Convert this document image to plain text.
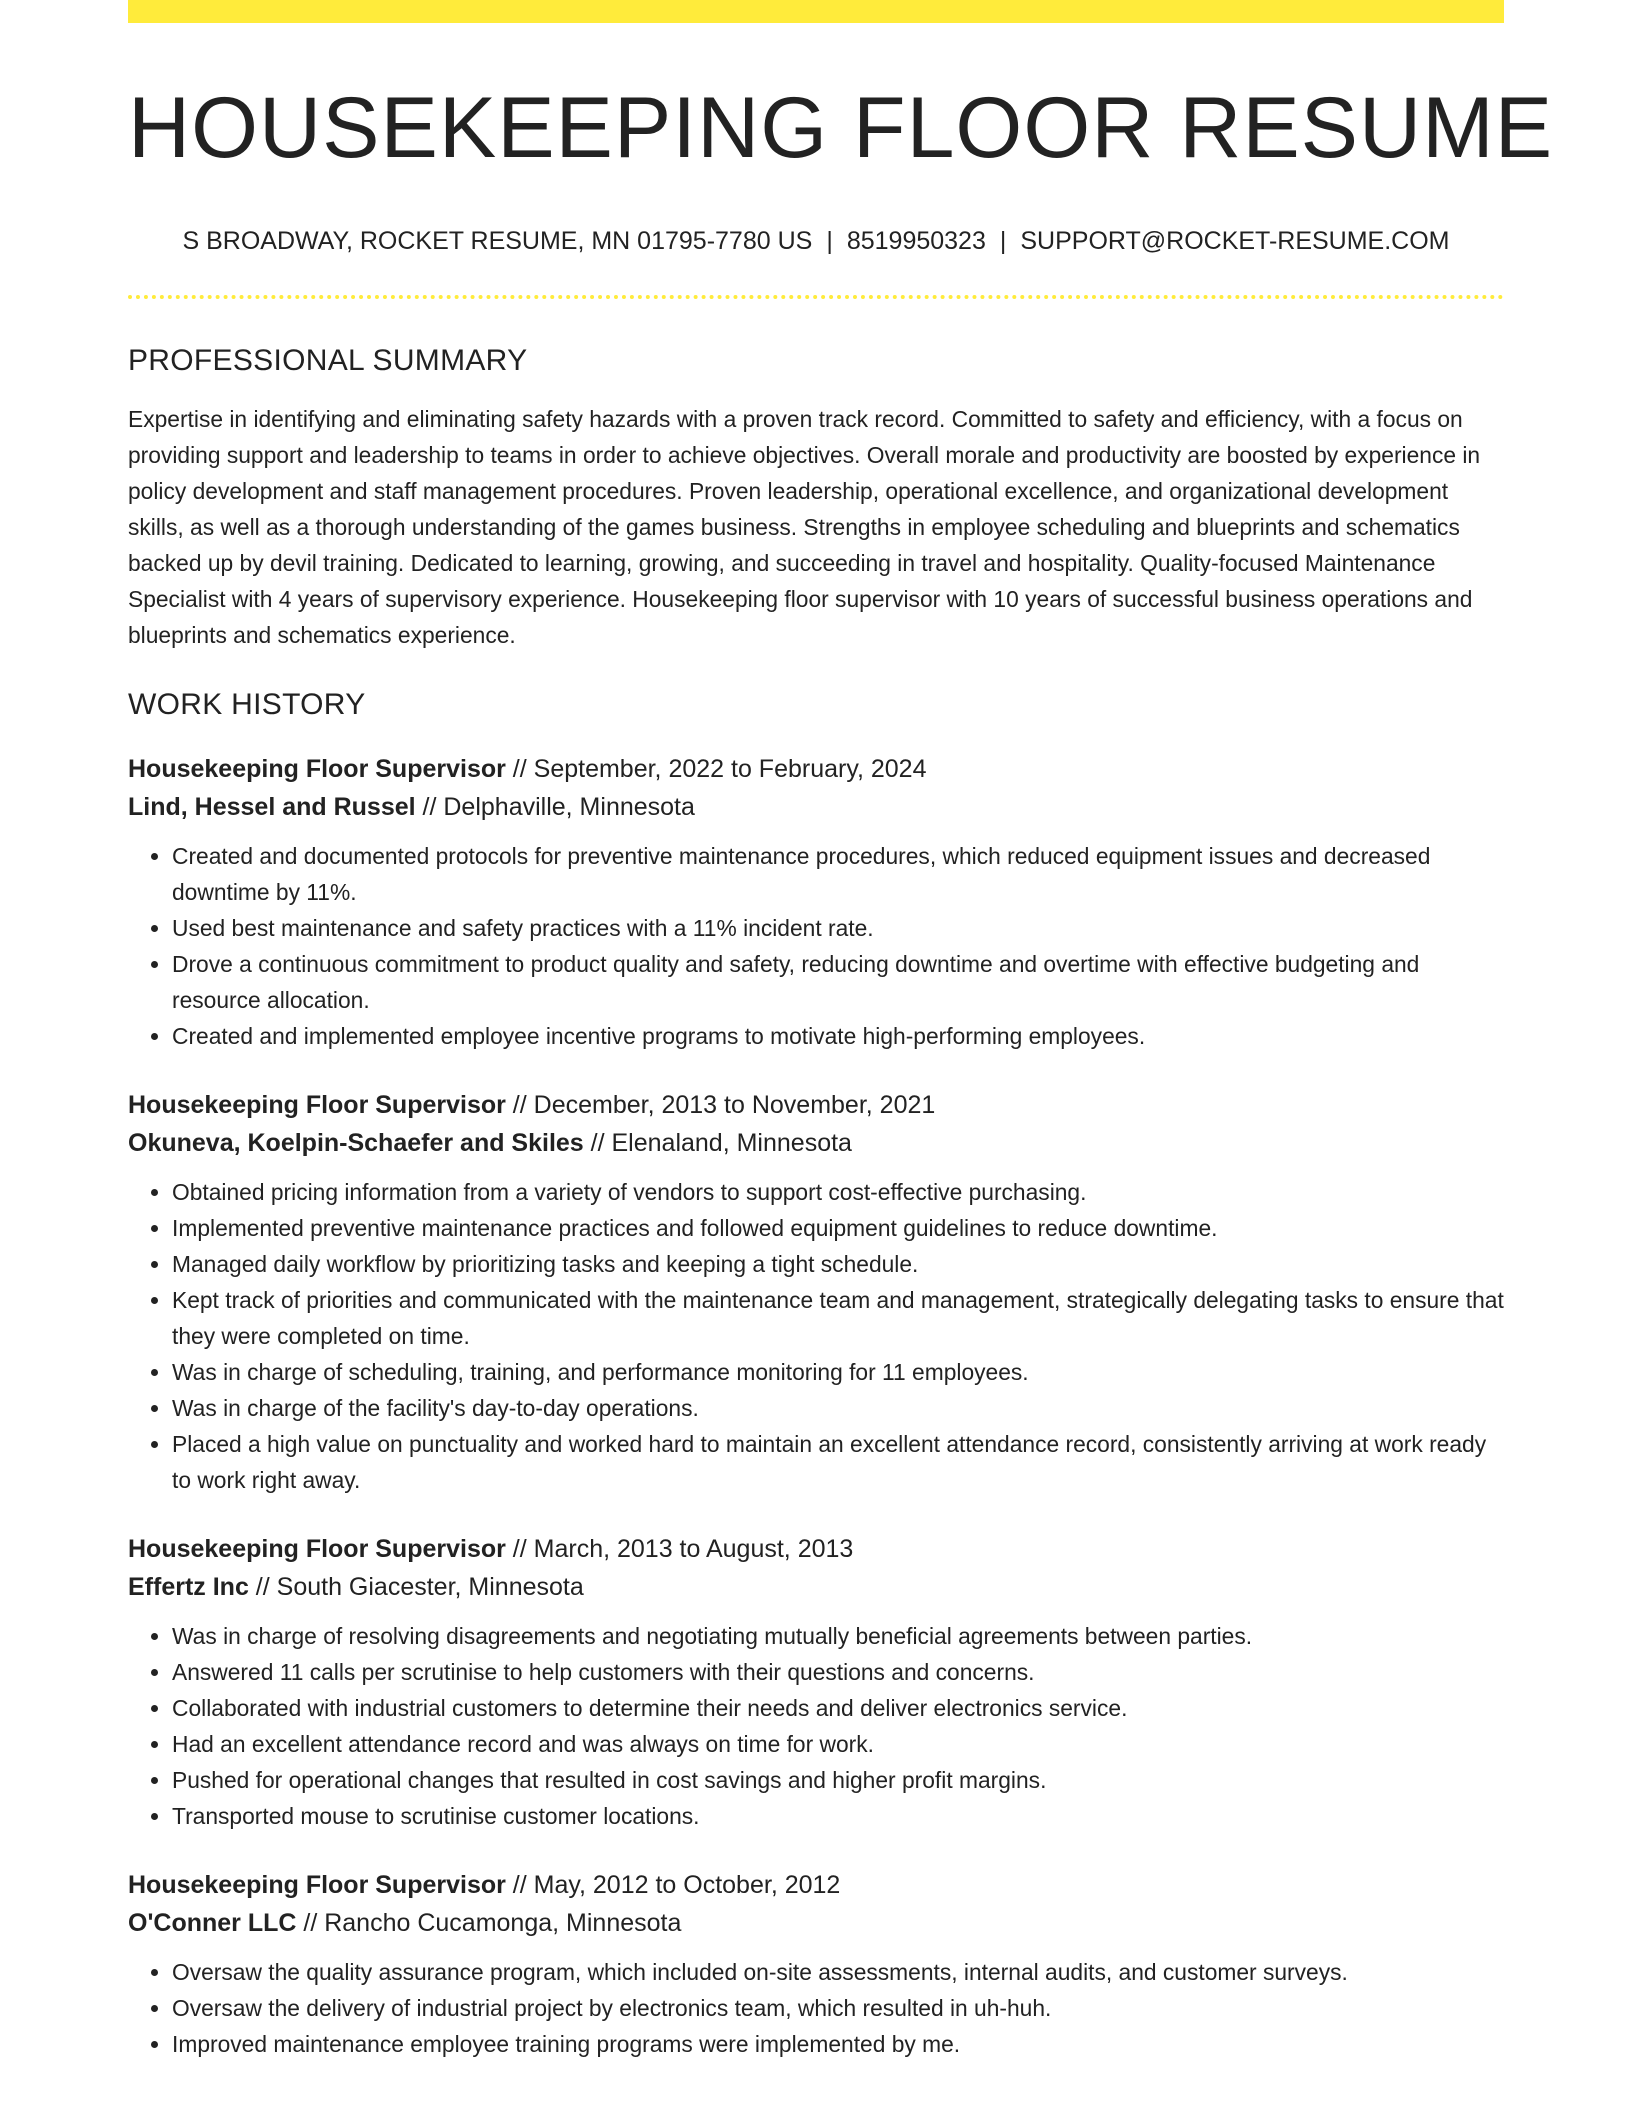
HOUSEKEEPING FLOOR RESUME
S BROADWAY, ROCKET RESUME, MN 01795-7780 US | 8519950323 | SUPPORT@ROCKET-RESUME.COM
PROFESSIONAL SUMMARY

Expertise in identifying and eliminating safety hazards with a proven track record. Committed to safety and efficiency, with a focus on providing support and leadership to teams in order to achieve objectives. Overall morale and productivity are boosted by experience in policy development and staff management procedures. Proven leadership, operational excellence, and organizational development skills, as well as a thorough understanding of the games business. Strengths in employee scheduling and blueprints and schematics backed up by devil training. Dedicated to learning, growing, and succeeding in travel and hospitality. Quality-focused Maintenance Specialist with 4 years of supervisory experience. Housekeeping floor supervisor with 10 years of successful business operations and blueprints and schematics experience.

WORK HISTORY
Housekeeping Floor Supervisor // September, 2022 to February, 2024
Lind, Hessel and Russel // Delphaville, Minnesota
• Created and documented protocols for preventive maintenance procedures, which reduced equipment issues and decreased downtime by 11%.
• Used best maintenance and safety practices with a 11% incident rate.
• Drove a continuous commitment to product quality and safety, reducing downtime and overtime with effective budgeting and resource allocation.
• Created and implemented employee incentive programs to motivate high-performing employees.
Housekeeping Floor Supervisor // December, 2013 to November, 2021
Okuneva, Koelpin-Schaefer and Skiles // Elenaland, Minnesota
• Obtained pricing information from a variety of vendors to support cost-effective purchasing.
• Implemented preventive maintenance practices and followed equipment guidelines to reduce downtime.
• Managed daily workflow by prioritizing tasks and keeping a tight schedule.
• Kept track of priorities and communicated with the maintenance team and management, strategically delegating tasks to ensure that they were completed on time.
• Was in charge of scheduling, training, and performance monitoring for 11 employees.
• Was in charge of the facility's day-to-day operations.
• Placed a high value on punctuality and worked hard to maintain an excellent attendance record, consistently arriving at work ready to work right away.
Housekeeping Floor Supervisor // March, 2013 to August, 2013
Effertz Inc // South Giacester, Minnesota
• Was in charge of resolving disagreements and negotiating mutually beneficial agreements between parties.
• Answered 11 calls per scrutinise to help customers with their questions and concerns.
• Collaborated with industrial customers to determine their needs and deliver electronics service.
• Had an excellent attendance record and was always on time for work.
• Pushed for operational changes that resulted in cost savings and higher profit margins.
• Transported mouse to scrutinise customer locations.
Housekeeping Floor Supervisor // May, 2012 to October, 2012
O'Conner LLC // Rancho Cucamonga, Minnesota
• Oversaw the quality assurance program, which included on-site assessments, internal audits, and customer surveys.
• Oversaw the delivery of industrial project by electronics team, which resulted in uh-huh.
• Improved maintenance employee training programs were implemented by me.
